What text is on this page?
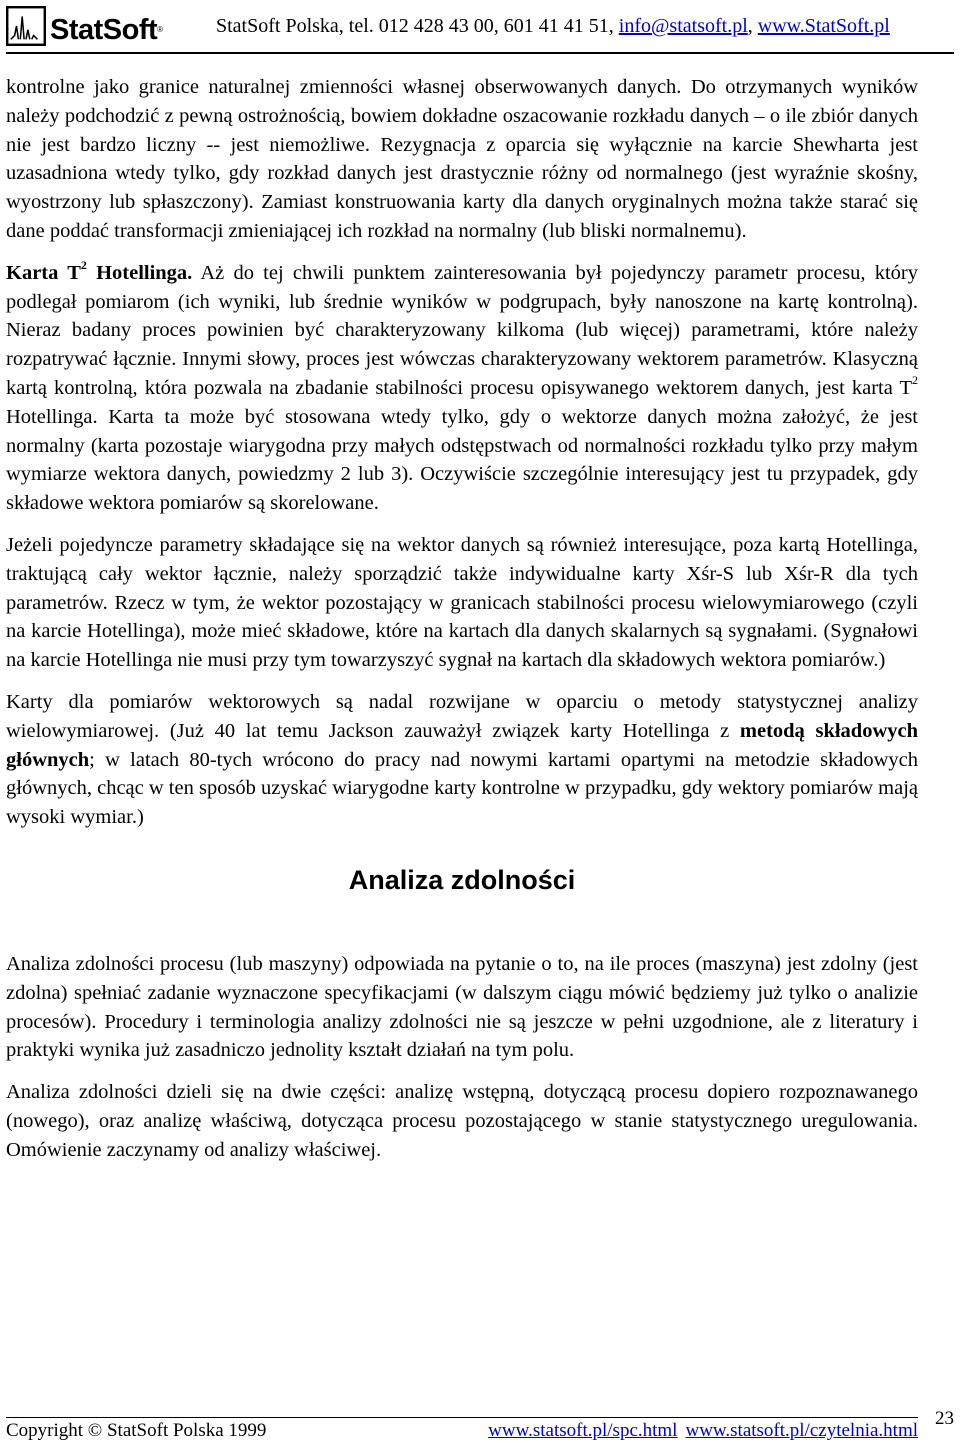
StatSoft®	StatSoft Polska, tel. 012 428 43 00, 601 41 41 51, info@statsoft.pl, www.StatSoft.pl

kontrolne jako granice naturalnej zmienności własnej obserwowanych danych. Do otrzymanych wyników należy podchodzić z pewną ostrożnością, bowiem dokładne oszacowanie rozkładu danych – o ile zbiór danych nie jest bardzo liczny -- jest niemożliwe. Rezygnacja z oparcia się wyłącznie na karcie Shewharta jest uzasadniona wtedy tylko, gdy rozkład danych jest drastycznie różny od normalnego (jest wyraźnie skośny, wyostrzony lub spłaszczony). Zamiast konstruowania karty dla danych oryginalnych można także starać się dane poddać transformacji zmieniającej ich rozkład na normalny (lub bliski normalnemu).

Karta $T^2$ Hotellinga. Aż do tej chwili punktem zainteresowania był pojedynczy parametr procesu, który podlegał pomiarom (ich wyniki, lub średnie wyników w podgrupach, były nanoszone na kartę kontrolną). Nieraz badany proces powinien być charakteryzowany kilkoma (lub więcej) parametrami, które należy rozpatrywać łącznie. Innymi słowy, proces jest wówczas charakteryzowany wektorem parametrów. Klasyczną kartą kontrolną, która pozwala na zbadanie stabilności procesu opisywanego wektorem danych, jest karta $T^2$ Hotellinga. Karta ta może być stosowana wtedy tylko, gdy o wektorze danych można założyć, że jest normalny (karta pozostaje wiarygodna przy małych odstępstwach od normalności rozkładu tylko przy małym wymiarze wektora danych, powiedzmy 2 lub 3). Oczywiście szczególnie interesujący jest tu przypadek, gdy składowe wektora pomiarów są skorelowane.

Jeżeli pojedyncze parametry składające się na wektor danych są również interesujące, poza kartą Hotellinga, traktującą cały wektor łącznie, należy sporządzić także indywidualne karty Xśr-S lub Xśr-R dla tych parametrów. Rzecz w tym, że wektor pozostający w granicach stabilności procesu wielowymiarowego (czyli na karcie Hotellinga), może mieć składowe, które na kartach dla danych skalarnych są sygnałami. (Sygnałowi na karcie Hotellinga nie musi przy tym towarzyszyć sygnał na kartach dla składowych wektora pomiarów.)

Karty dla pomiarów wektorowych są nadal rozwijane w oparciu o metody statystycznej analizy wielowymiarowej. (Już 40 lat temu Jackson zauważył związek karty Hotellinga z metodą składowych głównych; w latach 80-tych wrócono do pracy nad nowymi kartami opartymi na metodzie składowych głównych, chcąc w ten sposób uzyskać wiarygodne karty kontrolne w przypadku, gdy wektory pomiarów mają wysoki wymiar.)

Analiza zdolności

Analiza zdolności procesu (lub maszyny) odpowiada na pytanie o to, na ile proces (maszyna) jest zdolny (jest zdolna) spełniać zadanie wyznaczone specyfikacjami (w dalszym ciągu mówić będziemy już tylko o analizie procesów). Procedury i terminologia analizy zdolności nie są jeszcze w pełni uzgodnione, ale z literatury i praktyki wynika już zasadniczo jednolity kształt działań na tym polu.

Analiza zdolności dzieli się na dwie części: analizę wstępną, dotyczącą procesu dopiero rozpoznawanego (nowego), oraz analizę właściwą, dotycząca procesu pozostającego w stanie statystycznego uregulowania. Omówienie zaczynamy od analizy właściwej.

Copyright © StatSoft Polska 1999	www.statsoft.pl/spc.html www.statsoft.pl/czytelnia.html
23
